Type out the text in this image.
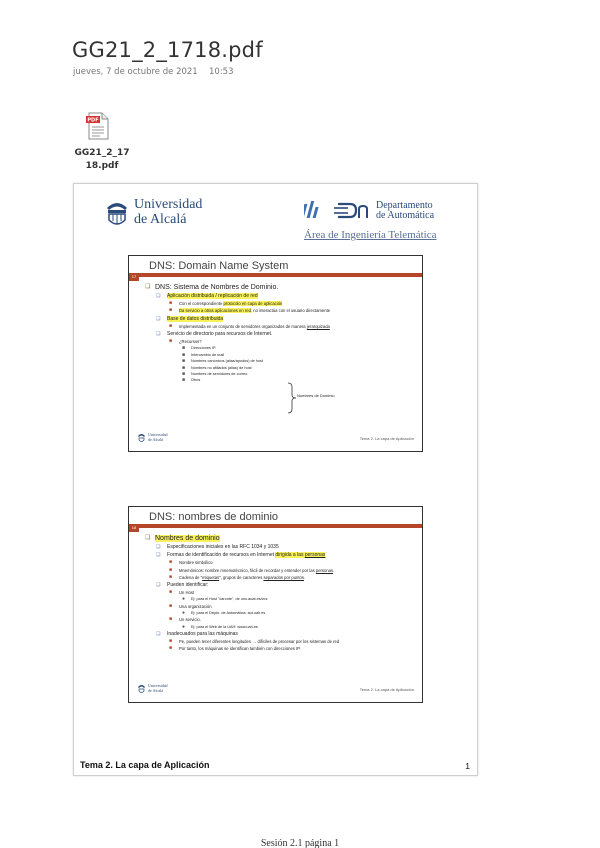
GG21_2_1718.pdf
jueves, 7 de octubre de 2021 10:53
PDF
GG21_2_17
18.pdf
Universidad
de Alcalá
Departamento
de Automática
Área de Ingeniería Telemática
DNS: Domain Name System
17
❑ DNS: Sistema de Nombres de Dominio.
❑ Aplicación distribuida / replicación de red
■ Con el correspondiente protocolo en capa de aplicación
■ Da servicio a otras aplicaciones en red, no interactúa con el usuario directamente
❑ Base de datos distribuida
■ Implementada en un conjunto de servidores organizados de manera jerarquizada
❑ Servicio de directorio para recursos de Internet.
■ ¿Recursos?
■ Direcciones IP.
■ Intercambio de mail
■ Nombres canónicos (alias/apodos) de host
■ Nombres no afiliados (alias) de host
■ Nombres de servidores de correo
■ Otros
Nombres de Dominio
Universidad
de Alcalá	Tema 2. La capa de Aplicación
DNS: nombres de dominio
18
❑ Nombres de dominio
❑ Especificaciones iniciales en las RFC 1034 y 1035
❑ Formas de identificación de recursos en Internet dirigida a las personas
■ Nombre simbólico.
■ Mnemónicos: nombre mnemotécnico, fácil de recordar y entender por las personas.
■ Cadena de "etiquetas", grupos de caracteres separados por puntos.
❑ Pueden identificar:
■ Un Host
● Ej: para el Host "caronte", de uno.auat.es/vcs
■ Una organización
● Ej: para el Depto. de Automática: aut.uah.es
■ Un servicio.
● Ej: para el Web de la UAH: www.uah.es
❑ Inadecuados para las máquinas
■ Pe, pueden tener diferentes longitudes → difíciles de procesar por los sistemas de red
■ Por tanto, los máquinas se identifican también con direcciones IP.
Universidad
de Alcalá	Tema 2. La capa de Aplicación
Tema 2. La capa de Aplicación	1
Sesión 2.1 página 1
